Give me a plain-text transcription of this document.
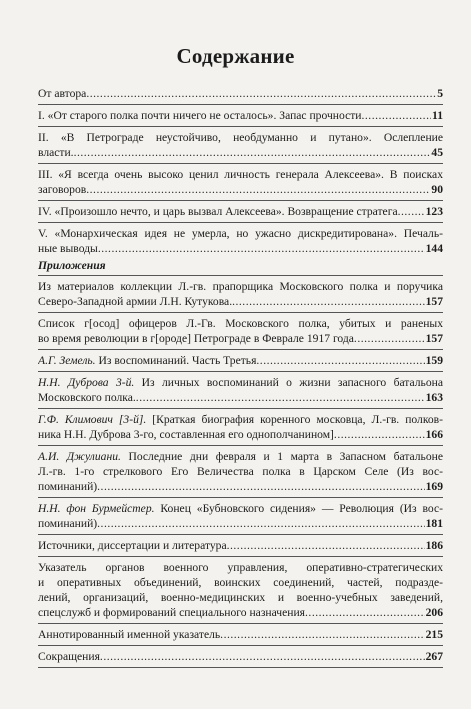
Содержание
От автора .....	5
I. «От старого полка почти ничего не осталось». Запас прочности .....	11
II. «В Петрограде неустойчиво, необдуманно и путано». Ослепление
власти. .....	45
III. «Я всегда очень высоко ценил личность генерала Алексеева». В поисках
заговоров .....	90
IV. «Произошло нечто, и царь вызвал Алексеева». Возвращение стратега ..... 123
V. «Монархическая идея не умерла, но ужасно дискредитирована». Печаль-
ные выводы .....	144
Приложения
Из материалов коллекции Л.-гв. прапорщика Московского полка и поручика
Северо-Западной армии Л.Н. Кутукова. .....	157
Список г[осод] офицеров Л.-Гв. Московского полка, убитых и раненых
во время революции в г[ороде] Петрограде в Феврале 1917 года .....	157
А.Г. Земель. Из воспоминаний. Часть Третья .....	159
Н.Н. Дуброва 3-й. Из личных воспоминаний о жизни запасного батальона
Московского полка. .....	163
Г.Ф. Климович [3-й]. [Краткая биография коренного московца, Л.-гв. полков-
ника Н.Н. Дуброва 3-го, составленная его однополчанином] .....	166
А.И. Джулиани. Последние дни февраля и 1 марта в Запасном батальоне
Л.-гв. 1-го стрелкового Его Величества полка в Царском Селе (Из вос-
поминаний) .....	169
Н.Н. фон Бурмейстер. Конец «Бубновского сидения» — Революция (Из вос-
поминаний) .....	181
Источники, диссертации и литература .....	186
Указатель органов военного управления, оперативно-стратегических
и оперативных объединений, воинских соединений, частей, подразде-
лений, организаций, военно-медицинских и военно-учебных заведений,
спецслужб и формирований специального назначения .....	206
Аннотированный именной указатель .....	215
Сокращения .....	267
